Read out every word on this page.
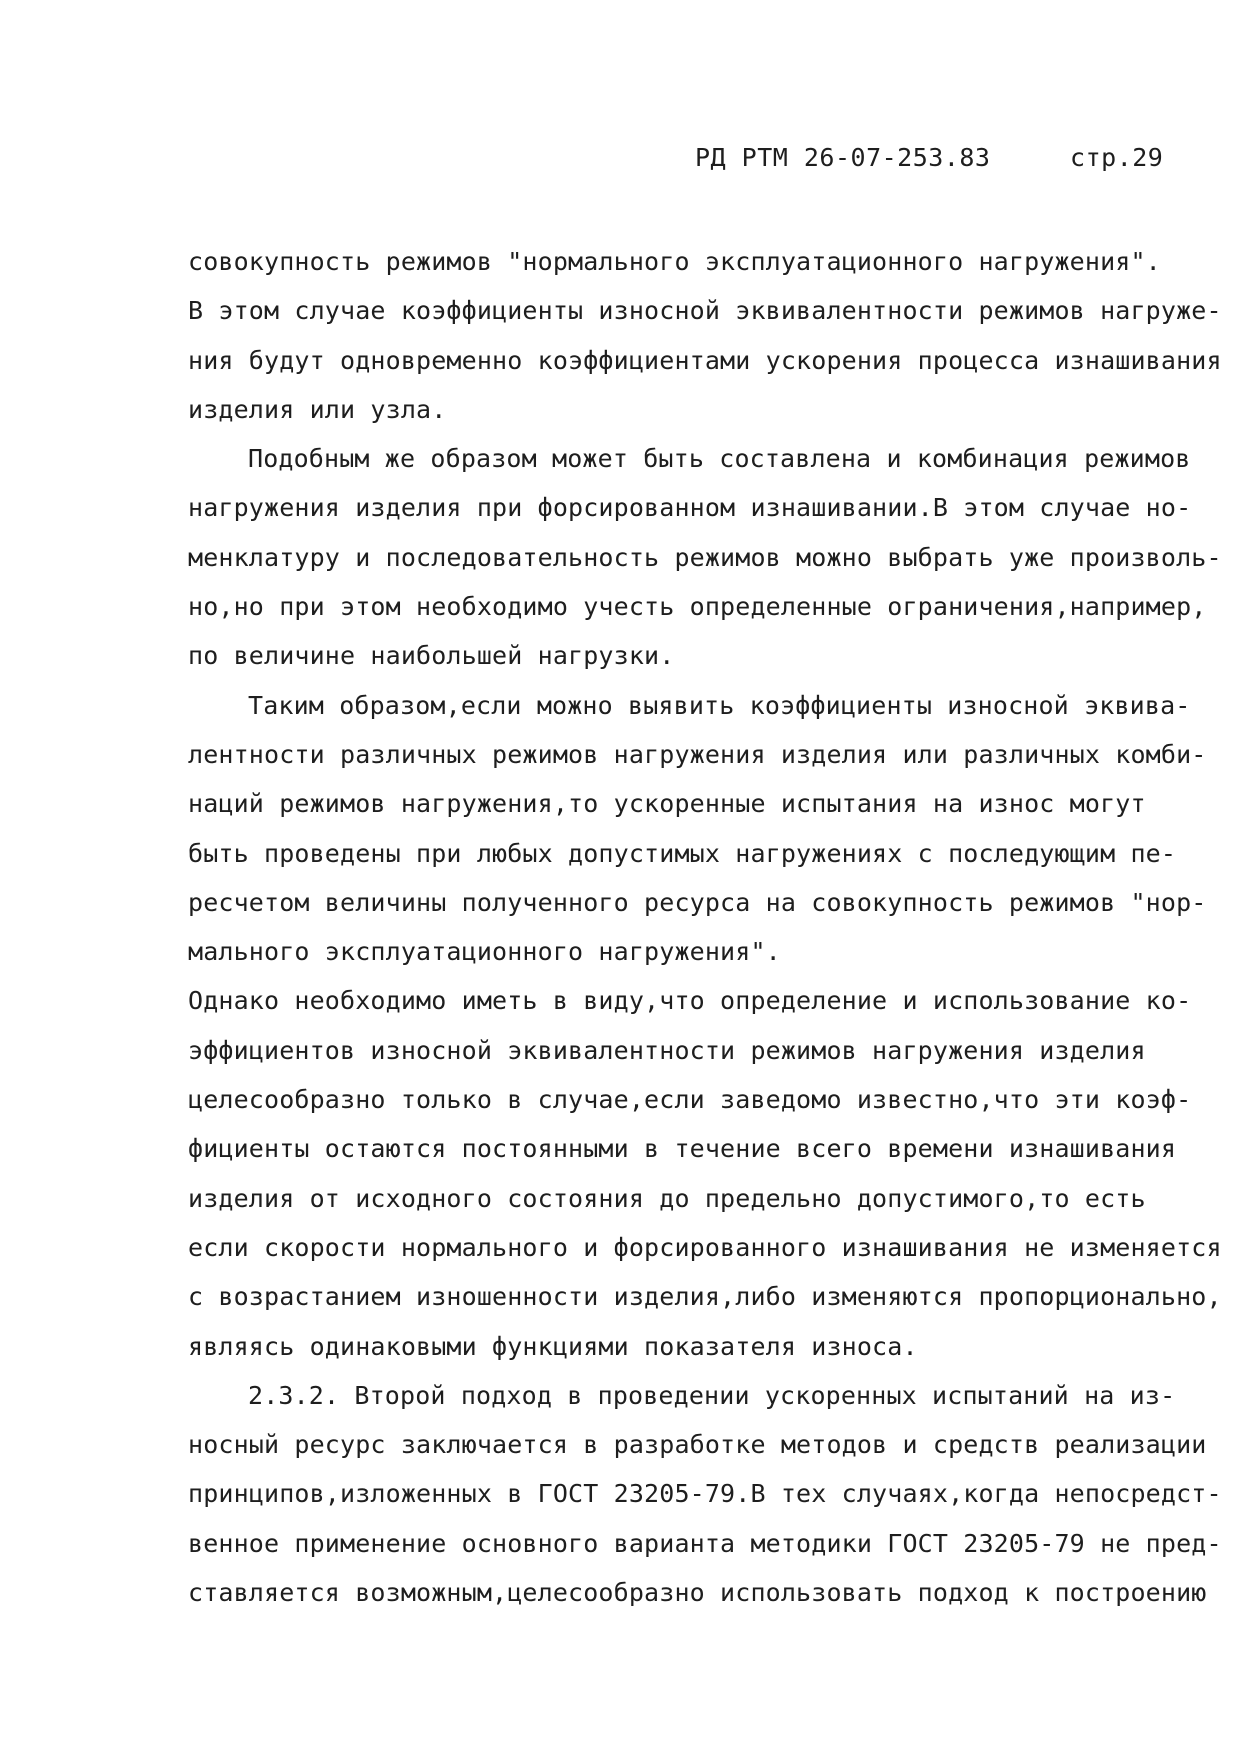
РД РТМ 26-07-253.83	стр.29
совокупность режимов "нормального эксплуатационного нагружения".
В этом случае коэффициенты износной эквивалентности режимов нагруже-
ния будут одновременно коэффициентами ускорения процесса изнашивания
изделия или узла.
Подобным же образом может быть составлена и комбинация режимов
нагружения изделия при форсированном изнашивании.В этом случае но-
менклатуру и последовательность режимов можно выбрать уже произволь-
но,но при этом необходимо учесть определенные ограничения,например,
по величине наибольшей нагрузки.
Таким образом,если можно выявить коэффициенты износной эквива-
лентности различных режимов нагружения изделия или различных комби-
наций режимов нагружения,то ускоренные испытания на износ могут
быть проведены при любых допустимых нагружениях с последующим пе-
ресчетом величины полученного ресурса на совокупность режимов "нор-
мального эксплуатационного нагружения".
Однако необходимо иметь в виду,что определение и использование ко-
эффициентов износной эквивалентности режимов нагружения изделия
целесообразно только в случае,если заведомо известно,что эти коэф-
фициенты остаются постоянными в течение всего времени изнашивания
изделия от исходного состояния до предельно допустимого,то есть
если скорости нормального и форсированного изнашивания не изменяется
с возрастанием изношенности изделия,либо изменяются пропорционально,
являясь одинаковыми функциями показателя износа.
2.3.2. Второй подход в проведении ускоренных испытаний на из-
носный ресурс заключается в разработке методов и средств реализации
принципов,изложенных в ГОСТ 23205-79.В тех случаях,когда непосредст-
венное применение основного варианта методики ГОСТ 23205-79 не пред-
ставляется возможным,целесообразно использовать подход к построению
